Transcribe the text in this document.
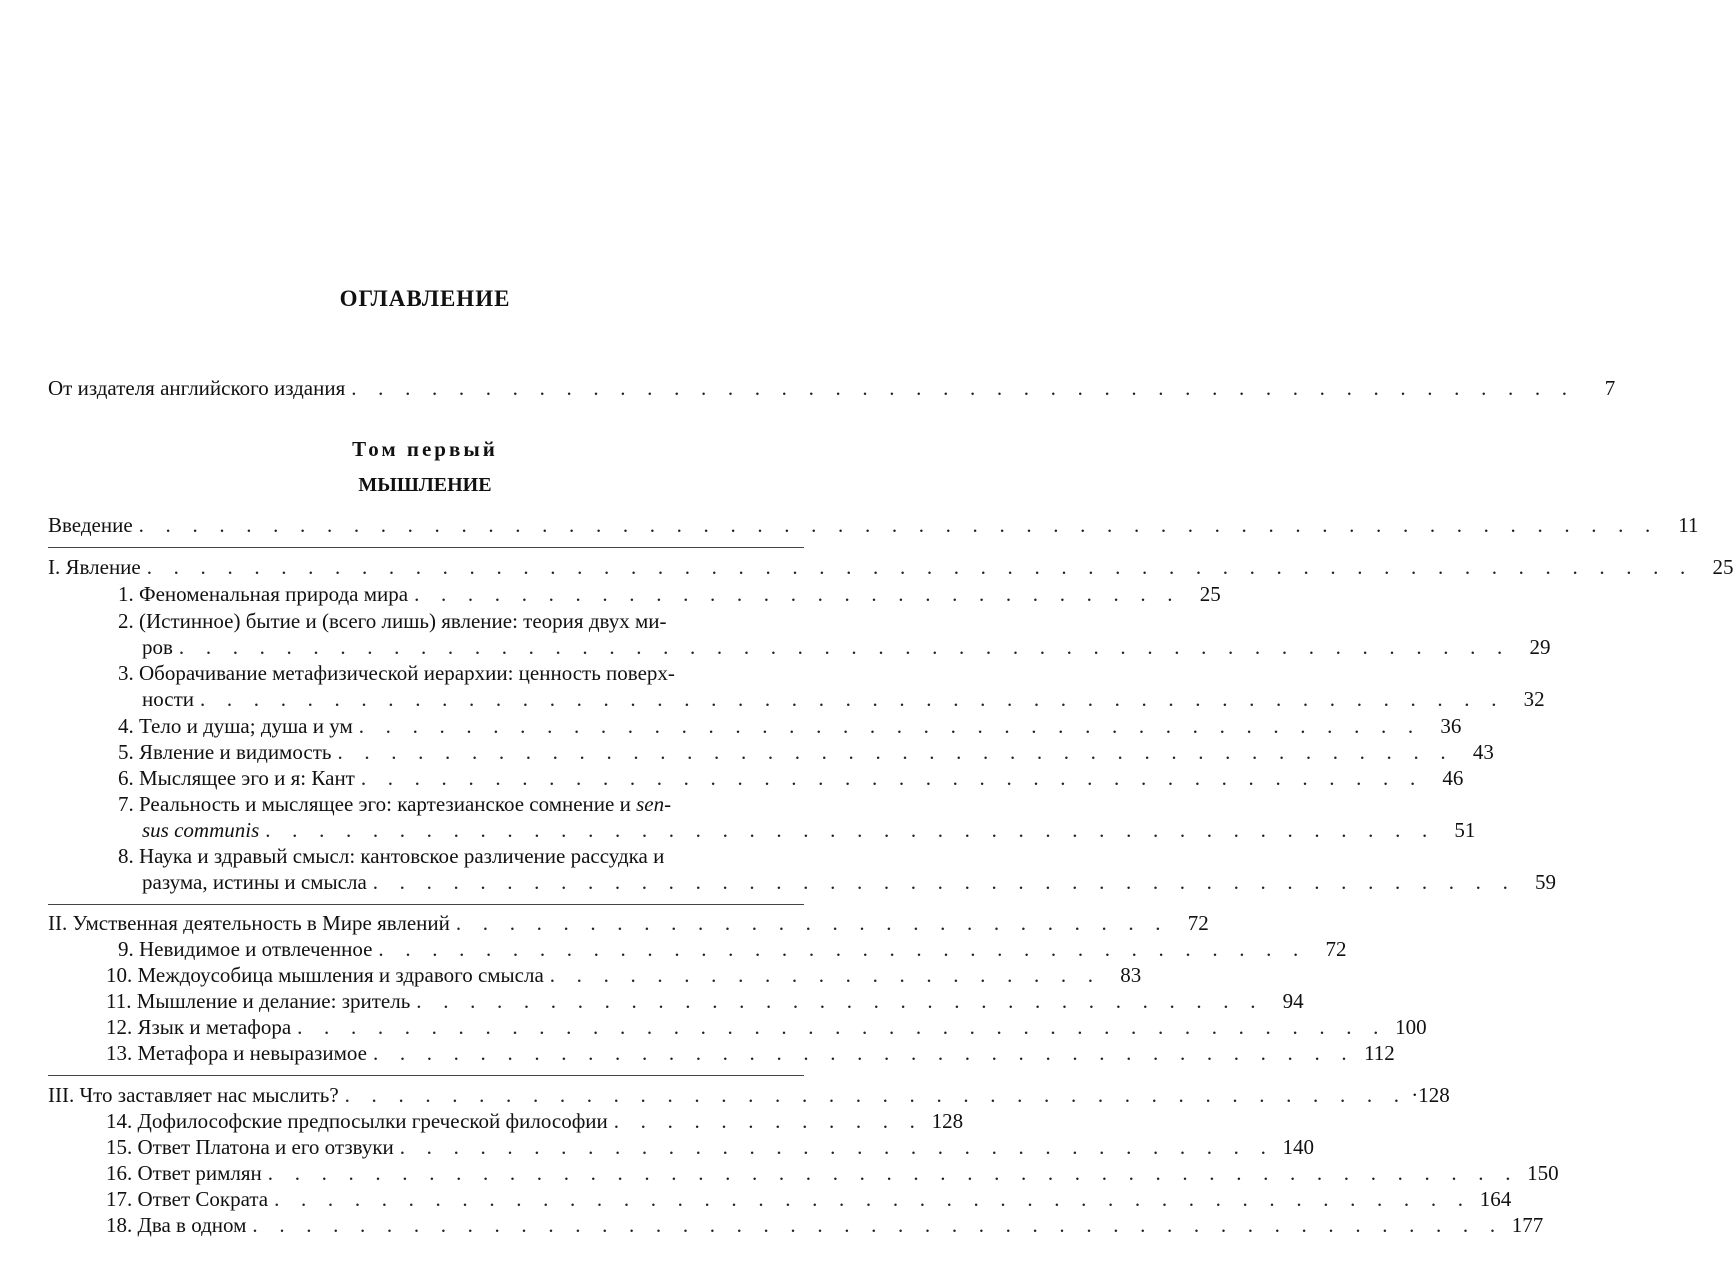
ОГЛАВЛЕНИЕ
От издателя английского издания . . . . . . . . . . . . . . . . . . . . . . . . . . . . . . . . . . . . . . . . . . . . . .	7
Том первый
МЫШЛЕНИЕ
Введение . . . . . . . . . . . . . . . . . . . . . . . . . . . . . . . . . . . . . . . . . . . . . . . . . . . . . . . . . 11
I. Явление . . . . . . . . . . . . . . . . . . . . . . . . . . . . . . . . . . . . . . . . . . . . . . . . . . . . . . . . . . 25
1. Феноменальная природа мира . . . . . . . . . . . . . . . . . . . . . . . . . . . . . 25
2. (Истинное) бытие и (всего лишь) явление: теория двух ми-
ров . . . . . . . . . . . . . . . . . . . . . . . . . . . . . . . . . . . . . . . . . . . . . . . . . . 29
3. Оборачивание метафизической иерархии: ценность поверх-
ности . . . . . . . . . . . . . . . . . . . . . . . . . . . . . . . . . . . . . . . . . . . . . . . . . 32
4. Тело и душа; душа и ум . . . . . . . . . . . . . . . . . . . . . . . . . . . . . . . . . . . . . . . . 36
5. Явление и видимость . . . . . . . . . . . . . . . . . . . . . . . . . . . . . . . . . . . . . . . . . . 43
6. Мыслящее эго и я: Кант . . . . . . . . . . . . . . . . . . . . . . . . . . . . . . . . . . . . . . . . 46
7. Реальность и мыслящее эго: картезианское сомнение и sen-
sus communis . . . . . . . . . . . . . . . . . . . . . . . . . . . . . . . . . . . . . . . . . . . . 51
8. Наука и здравый смысл: кантовское различение рассудка и
разума, истины и смысла . . . . . . . . . . . . . . . . . . . . . . . . . . . . . . . . . . . . . . . . . . . 59
II. Умственная деятельность в Мире явлений . . . . . . . . . . . . . . . . . . . . . . . . . . . 72
9. Невидимое и отвлеченное . . . . . . . . . . . . . . . . . . . . . . . . . . . . . . . . . . . 72
10. Междоусобица мышления и здравого смысла . . . . . . . . . . . . . . . . . . . . . 83
11. Мышление и делание: зритель . . . . . . . . . . . . . . . . . . . . . . . . . . . . . . . . 94
12. Язык и метафора . . . . . . . . . . . . . . . . . . . . . . . . . . . . . . . . . . . . . . . . . 100
13. Метафора и невыразимое . . . . . . . . . . . . . . . . . . . . . . . . . . . . . . . . . . . . . 112
III. Что заставляет нас мыслить? . . . . . . . . . . . . . . . . . . . . . . . . . . . . . . . . . . . . . . . . ·128
14. Дофилософские предпосылки греческой философии . . . . . . . . . . . . 128
15. Ответ Платона и его отзвуки . . . . . . . . . . . . . . . . . . . . . . . . . . . . . . . . . 140
16. Ответ римлян . . . . . . . . . . . . . . . . . . . . . . . . . . . . . . . . . . . . . . . . . . . . . . . 150
17. Ответ Сократа . . . . . . . . . . . . . . . . . . . . . . . . . . . . . . . . . . . . . . . . . . . . . 164
18. Два в одном . . . . . . . . . . . . . . . . . . . . . . . . . . . . . . . . . . . . . . . . . . . . . . . 177
